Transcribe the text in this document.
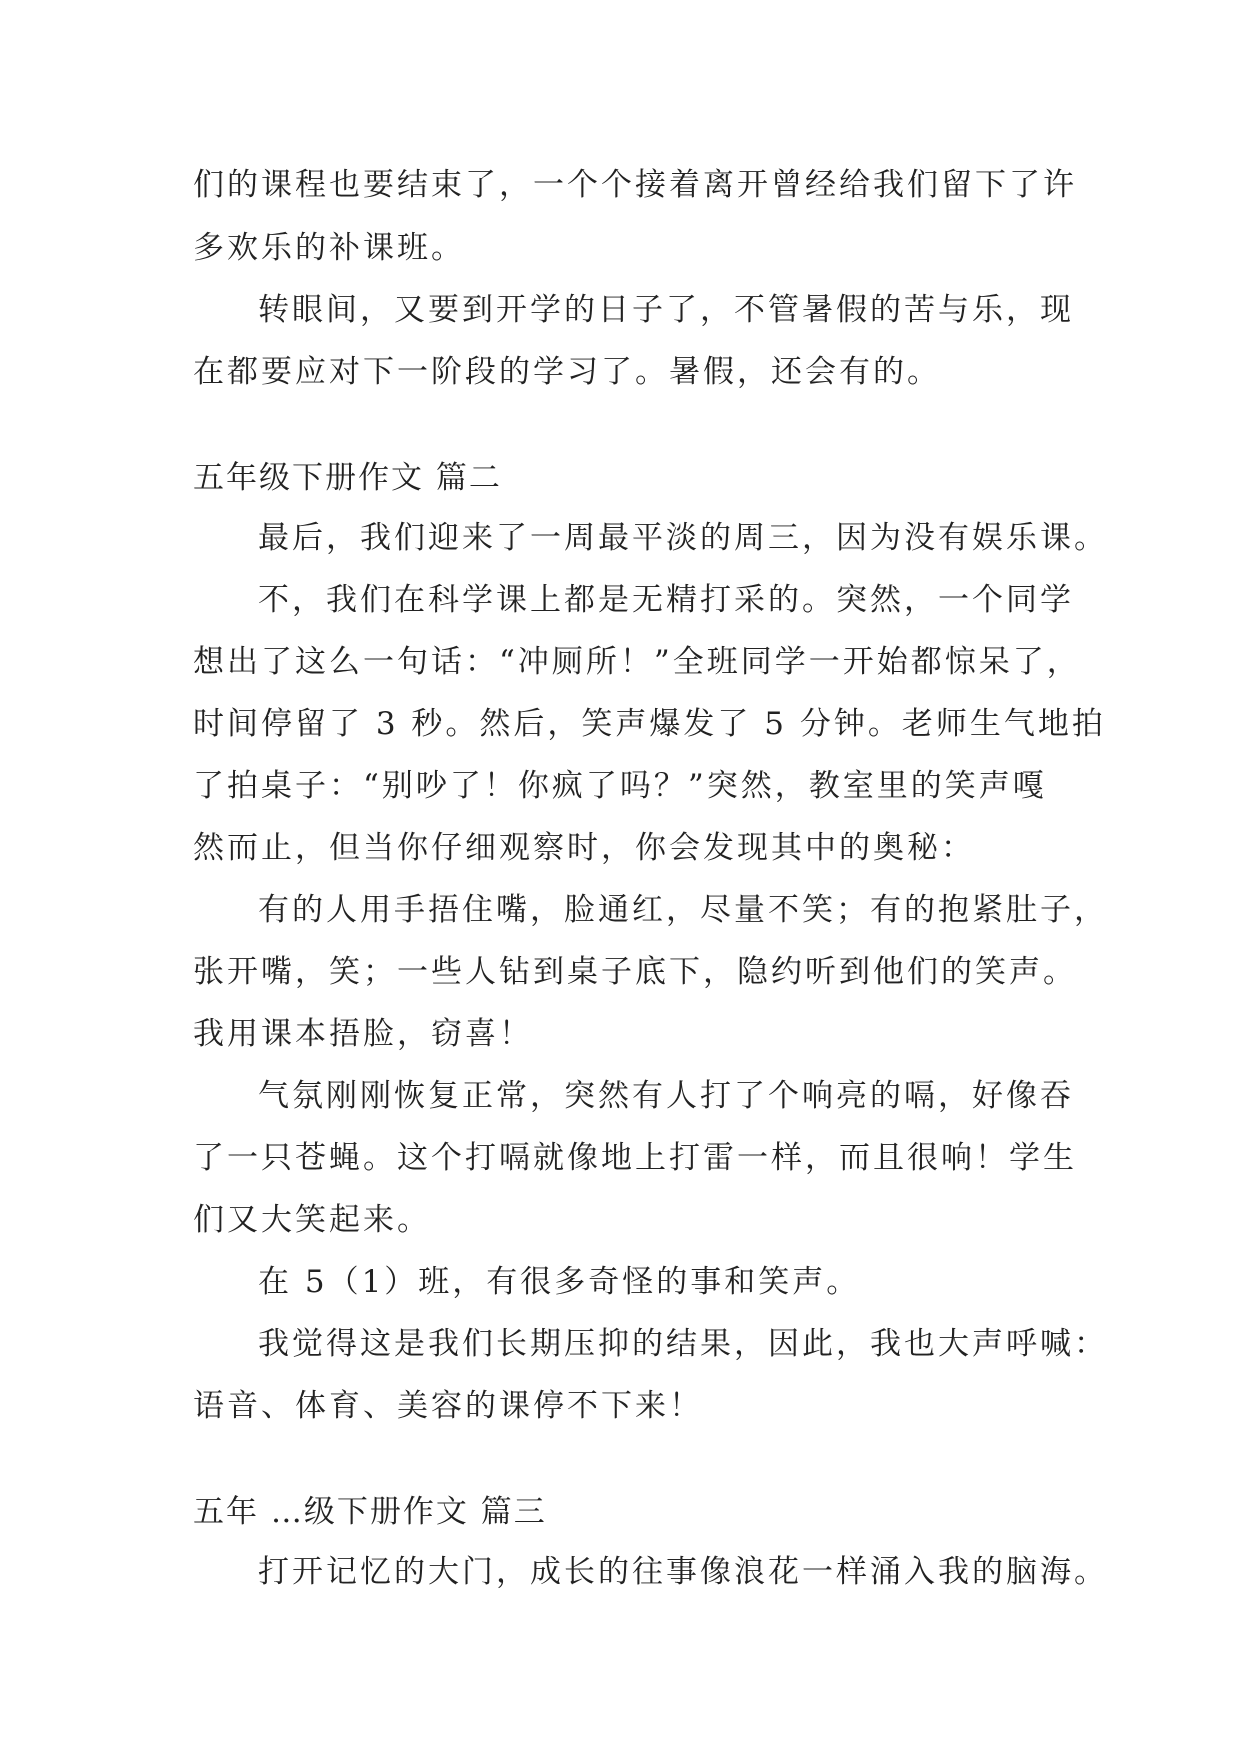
们的课程也要结束了，一个个接着离开曾经给我们留下了许
多欢乐的补课班。
转眼间，又要到开学的日子了，不管暑假的苦与乐，现
在都要应对下一阶段的学习了。暑假，还会有的。
五年级下册作文 篇二
最后，我们迎来了一周最平淡的周三，因为没有娱乐课。
不，我们在科学课上都是无精打采的。突然，一个同学
想出了这么一句话：“冲厕所！”全班同学一开始都惊呆了，
时间停留了 3 秒。然后，笑声爆发了 5 分钟。老师生气地拍
了拍桌子：“别吵了！你疯了吗？”突然，教室里的笑声嘎
然而止，但当你仔细观察时，你会发现其中的奥秘：
有的人用手捂住嘴，脸通红，尽量不笑；有的抱紧肚子，
张开嘴，笑；一些人钻到桌子底下，隐约听到他们的笑声。
我用课本捂脸，窃喜！
气氛刚刚恢复正常，突然有人打了个响亮的嗝，好像吞
了一只苍蝇。这个打嗝就像地上打雷一样，而且很响！学生
们又大笑起来。
在 5（1）班，有很多奇怪的事和笑声。
我觉得这是我们长期压抑的结果，因此，我也大声呼喊：
语音、体育、美容的课停不下来！
五年 …级下册作文 篇三
打开记忆的大门，成长的往事像浪花一样涌入我的脑海。
